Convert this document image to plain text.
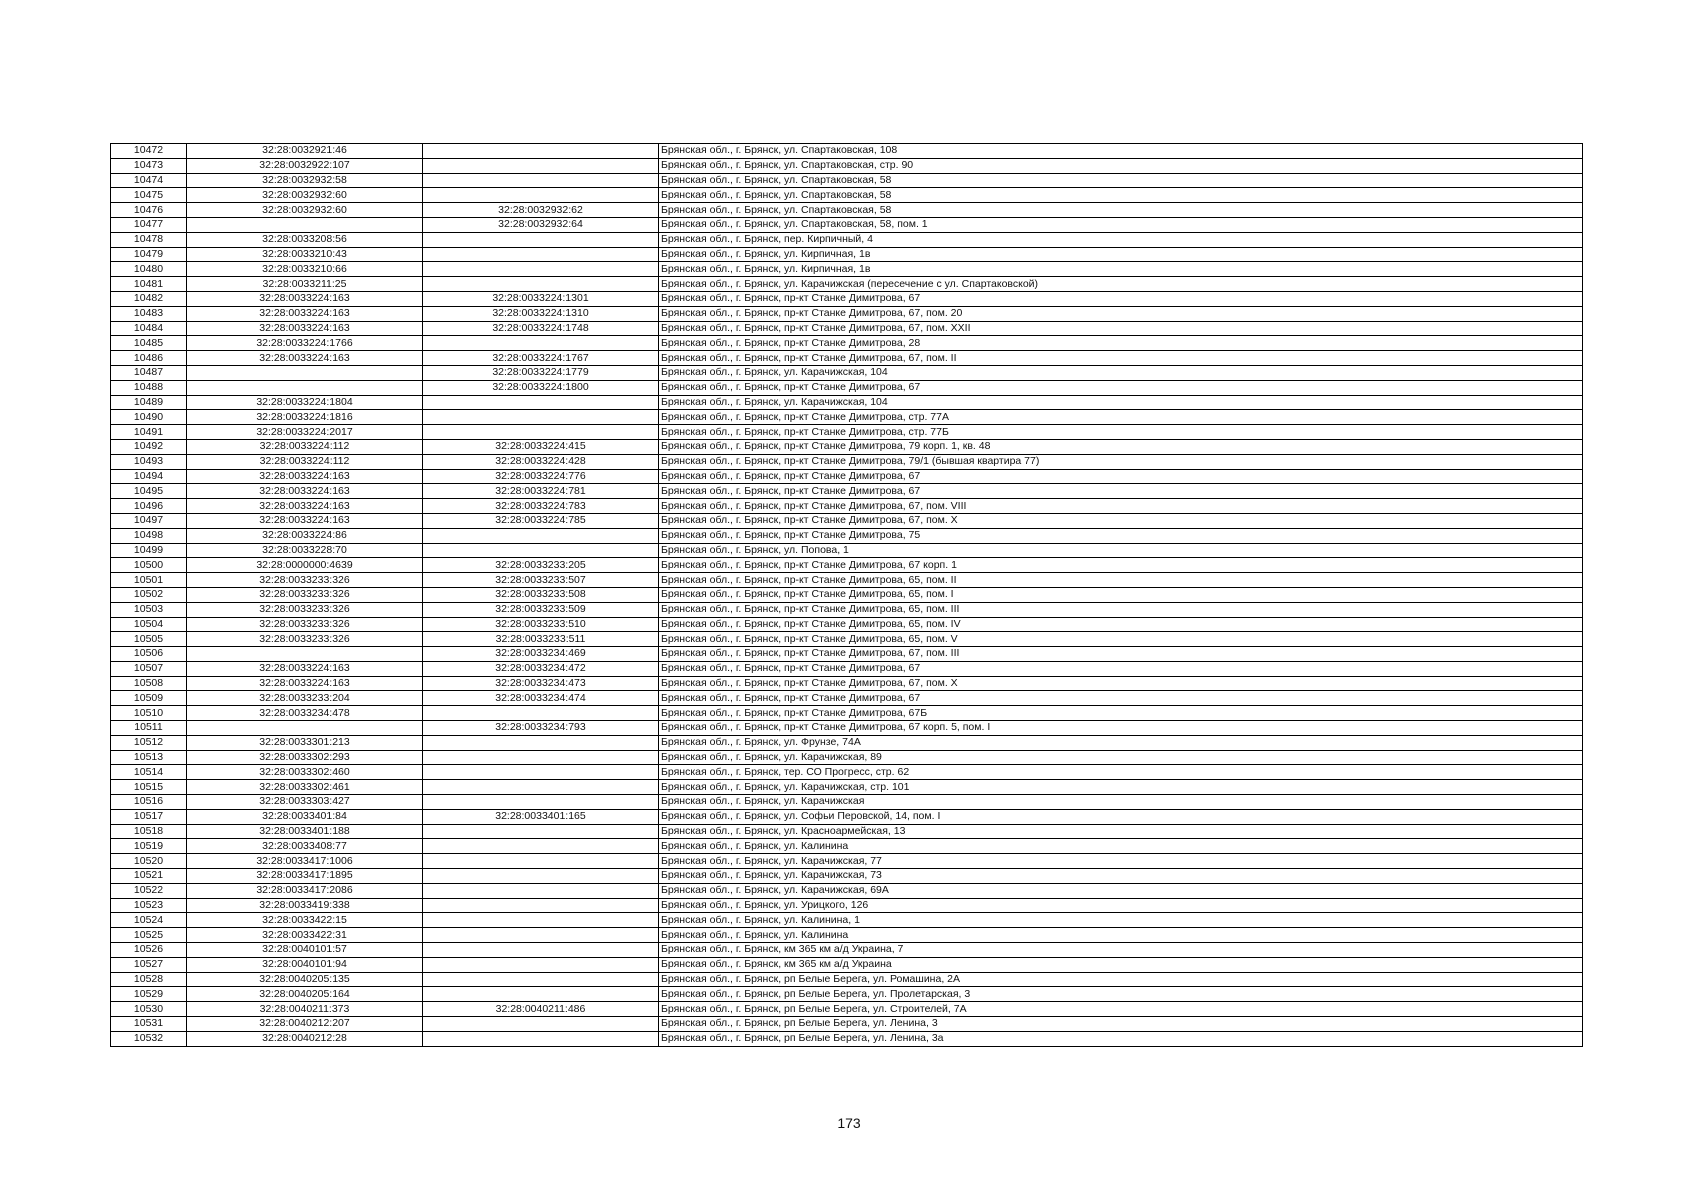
10472	32:28:0032921:46		Брянская обл., г. Брянск, ул. Спартаковская, 108
10473	32:28:0032922:107		Брянская обл., г. Брянск, ул. Спартаковская, стр. 90
10474	32:28:0032932:58		Брянская обл., г. Брянск, ул. Спартаковская, 58
10475	32:28:0032932:60		Брянская обл., г. Брянск, ул. Спартаковская, 58
10476	32:28:0032932:60	32:28:0032932:62	Брянская обл., г. Брянск, ул. Спартаковская, 58
10477		32:28:0032932:64	Брянская обл., г. Брянск, ул. Спартаковская, 58, пом. 1
10478	32:28:0033208:56		Брянская обл., г. Брянск, пер. Кирпичный, 4
10479	32:28:0033210:43		Брянская обл., г. Брянск, ул. Кирпичная, 1в
10480	32:28:0033210:66		Брянская обл., г. Брянск, ул. Кирпичная, 1в
10481	32:28:0033211:25		Брянская обл., г. Брянск, ул. Карачижская (пересечение с ул. Спартаковской)
10482	32:28:0033224:163	32:28:0033224:1301	Брянская обл., г. Брянск, пр-кт Станке Димитрова, 67
10483	32:28:0033224:163	32:28:0033224:1310	Брянская обл., г. Брянск, пр-кт Станке Димитрова, 67, пом. 20
10484	32:28:0033224:163	32:28:0033224:1748	Брянская обл., г. Брянск, пр-кт Станке Димитрова, 67, пом. XXII
10485	32:28:0033224:1766		Брянская обл., г. Брянск, пр-кт Станке Димитрова, 28
10486	32:28:0033224:163	32:28:0033224:1767	Брянская обл., г. Брянск, пр-кт Станке Димитрова, 67, пом. II
10487		32:28:0033224:1779	Брянская обл., г. Брянск, ул. Карачижская, 104
10488		32:28:0033224:1800	Брянская обл., г. Брянск, пр-кт Станке Димитрова, 67
10489	32:28:0033224:1804		Брянская обл., г. Брянск, ул. Карачижская, 104
10490	32:28:0033224:1816		Брянская обл., г. Брянск, пр-кт Станке Димитрова, стр. 77А
10491	32:28:0033224:2017		Брянская обл., г. Брянск, пр-кт Станке Димитрова, стр. 77Б
10492	32:28:0033224:112	32:28:0033224:415	Брянская обл., г. Брянск, пр-кт Станке Димитрова, 79 корп. 1, кв. 48
10493	32:28:0033224:112	32:28:0033224:428	Брянская обл., г. Брянск, пр-кт Станке Димитрова, 79/1 (бывшая квартира 77)
10494	32:28:0033224:163	32:28:0033224:776	Брянская обл., г. Брянск, пр-кт Станке Димитрова, 67
10495	32:28:0033224:163	32:28:0033224:781	Брянская обл., г. Брянск, пр-кт Станке Димитрова, 67
10496	32:28:0033224:163	32:28:0033224:783	Брянская обл., г. Брянск, пр-кт Станке Димитрова, 67, пом. VIII
10497	32:28:0033224:163	32:28:0033224:785	Брянская обл., г. Брянск, пр-кт Станке Димитрова, 67, пом. X
10498	32:28:0033224:86		Брянская обл., г. Брянск, пр-кт Станке Димитрова, 75
10499	32:28:0033228:70		Брянская обл., г. Брянск, ул. Попова, 1
10500	32:28:0000000:4639	32:28:0033233:205	Брянская обл., г. Брянск, пр-кт Станке Димитрова, 67 корп. 1
10501	32:28:0033233:326	32:28:0033233:507	Брянская обл., г. Брянск, пр-кт Станке Димитрова, 65, пом. II
10502	32:28:0033233:326	32:28:0033233:508	Брянская обл., г. Брянск, пр-кт Станке Димитрова, 65, пом. I
10503	32:28:0033233:326	32:28:0033233:509	Брянская обл., г. Брянск, пр-кт Станке Димитрова, 65, пом. III
10504	32:28:0033233:326	32:28:0033233:510	Брянская обл., г. Брянск, пр-кт Станке Димитрова, 65, пом. IV
10505	32:28:0033233:326	32:28:0033233:511	Брянская обл., г. Брянск, пр-кт Станке Димитрова, 65, пом. V
10506		32:28:0033234:469	Брянская обл., г. Брянск, пр-кт Станке Димитрова, 67, пом. III
10507	32:28:0033224:163	32:28:0033234:472	Брянская обл., г. Брянск, пр-кт Станке Димитрова, 67
10508	32:28:0033224:163	32:28:0033234:473	Брянская обл., г. Брянск, пр-кт Станке Димитрова, 67, пом. X
10509	32:28:0033233:204	32:28:0033234:474	Брянская обл., г. Брянск, пр-кт Станке Димитрова, 67
10510	32:28:0033234:478		Брянская обл., г. Брянск, пр-кт Станке Димитрова, 67Б
10511		32:28:0033234:793	Брянская обл., г. Брянск, пр-кт Станке Димитрова, 67 корп. 5, пом. I
10512	32:28:0033301:213		Брянская обл., г. Брянск, ул. Фрунзе, 74А
10513	32:28:0033302:293		Брянская обл., г. Брянск, ул. Карачижская, 89
10514	32:28:0033302:460		Брянская обл., г. Брянск, тер. СО Прогресс, стр. 62
10515	32:28:0033302:461		Брянская обл., г. Брянск, ул. Карачижская, стр. 101
10516	32:28:0033303:427		Брянская обл., г. Брянск, ул. Карачижская
10517	32:28:0033401:84	32:28:0033401:165	Брянская обл., г. Брянск, ул. Софьи Перовской, 14, пом. I
10518	32:28:0033401:188		Брянская обл., г. Брянск, ул. Красноармейская, 13
10519	32:28:0033408:77		Брянская обл., г. Брянск, ул. Калинина
10520	32:28:0033417:1006		Брянская обл., г. Брянск, ул. Карачижская, 77
10521	32:28:0033417:1895		Брянская обл., г. Брянск, ул. Карачижская, 73
10522	32:28:0033417:2086		Брянская обл., г. Брянск, ул. Карачижская, 69А
10523	32:28:0033419:338		Брянская обл., г. Брянск, ул. Урицкого, 126
10524	32:28:0033422:15		Брянская обл., г. Брянск, ул. Калинина, 1
10525	32:28:0033422:31		Брянская обл., г. Брянск, ул. Калинина
10526	32:28:0040101:57		Брянская обл., г. Брянск, км 365 км а/д Украина, 7
10527	32:28:0040101:94		Брянская обл., г. Брянск, км 365 км а/д Украина
10528	32:28:0040205:135		Брянская обл., г. Брянск, рп Белые Берега, ул. Ромашина, 2А
10529	32:28:0040205:164		Брянская обл., г. Брянск, рп Белые Берега, ул. Пролетарская, 3
10530	32:28:0040211:373	32:28:0040211:486	Брянская обл., г. Брянск, рп Белые Берега, ул. Строителей, 7А
10531	32:28:0040212:207		Брянская обл., г. Брянск, рп Белые Берега, ул. Ленина, 3
10532	32:28:0040212:28		Брянская обл., г. Брянск, рп Белые Берега, ул. Ленина, 3а
173
